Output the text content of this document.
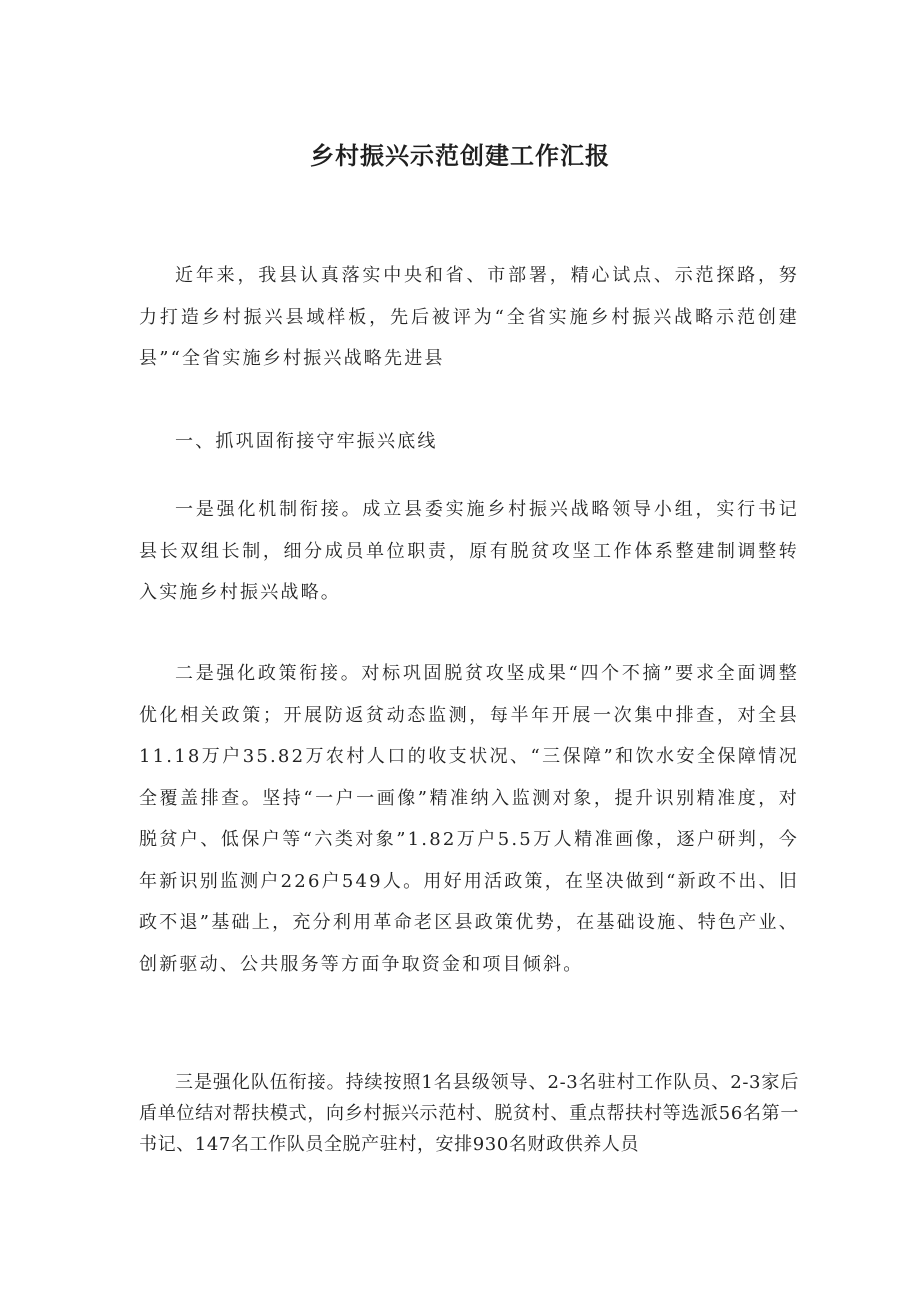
乡村振兴示范创建工作汇报

近年来，我县认真落实中央和省、市部署，精心试点、示范探路，努力打造乡村振兴县域样板，先后被评为“全省实施乡村振兴战略示范创建县”“全省实施乡村振兴战略先进县

一、抓巩固衔接守牢振兴底线

一是强化机制衔接。成立县委实施乡村振兴战略领导小组，实行书记县长双组长制，细分成员单位职责，原有脱贫攻坚工作体系整建制调整转入实施乡村振兴战略。

二是强化政策衔接。对标巩固脱贫攻坚成果“四个不摘”要求全面调整优化相关政策；开展防返贫动态监测，每半年开展一次集中排查，对全县11.18万户35.82万农村人口的收支状况、“三保障”和饮水安全保障情况全覆盖排查。坚持“一户一画像”精准纳入监测对象，提升识别精准度，对脱贫户、低保户等“六类对象”1.82万户5.5万人精准画像，逐户研判，今年新识别监测户226户549人。用好用活政策，在坚决做到“新政不出、旧政不退”基础上，充分利用革命老区县政策优势，在基础设施、特色产业、创新驱动、公共服务等方面争取资金和项目倾斜。

三是强化队伍衔接。持续按照1名县级领导、2-3名驻村工作队员、2-3家后盾单位结对帮扶模式，向乡村振兴示范村、脱贫村、重点帮扶村等选派56名第一书记、147名工作队员全脱产驻村，安排930名财政供养人员
